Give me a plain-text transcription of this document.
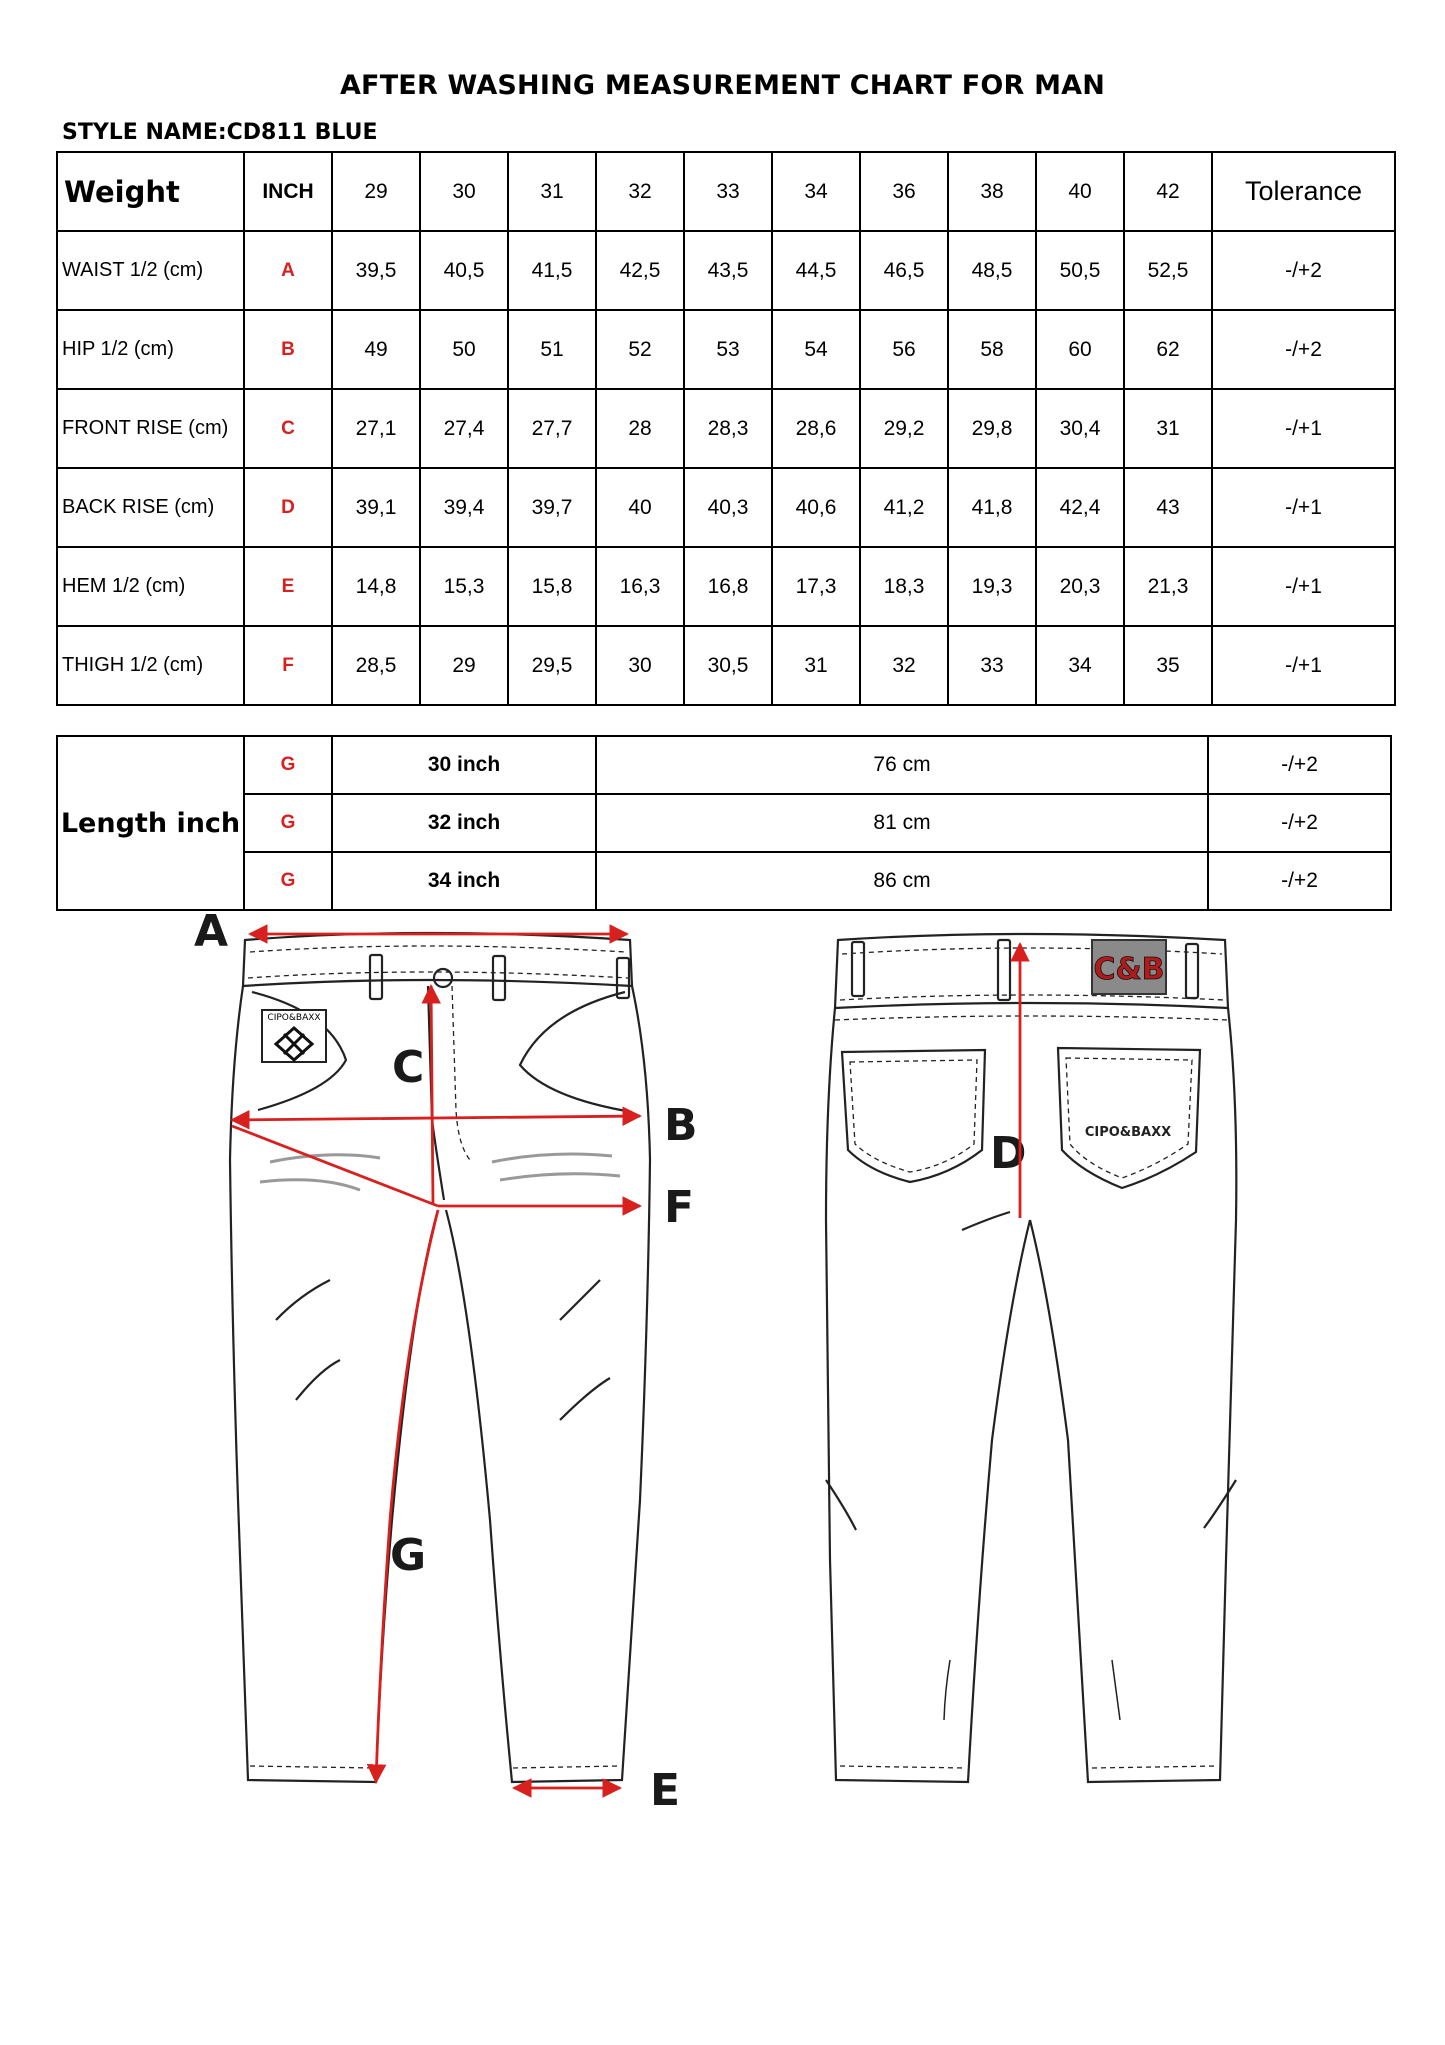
AFTER WASHING MEASUREMENT CHART FOR MAN
STYLE NAME:CD811 BLUE
Weight	INCH	29	30	31	32	33	34	36	38	40	42	Tolerance
WAIST 1/2 (cm)	A	39,5	40,5	41,5	42,5	43,5	44,5	46,5	48,5	50,5	52,5	-/+2
HIP 1/2 (cm)	B	49	50	51	52	53	54	56	58	60	62	-/+2
FRONT RISE (cm)	C	27,1	27,4	27,7	28	28,3	28,6	29,2	29,8	30,4	31	-/+1
BACK RISE (cm)	D	39,1	39,4	39,7	40	40,3	40,6	41,2	41,8	42,4	43	-/+1
HEM 1/2 (cm)	E	14,8	15,3	15,8	16,3	16,8	17,3	18,3	19,3	20,3	21,3	-/+1
THIGH 1/2 (cm)	F	28,5	29	29,5	30	30,5	31	32	33	34	35	-/+1
Length inch	G	30 inch	76 cm	-/+2
	G	32 inch	81 cm	-/+2
	G	34 inch	86 cm	-/+2
CIPO&BAXX
A
C
B
F
G
E
D
C&B
CIPO&BAXX
